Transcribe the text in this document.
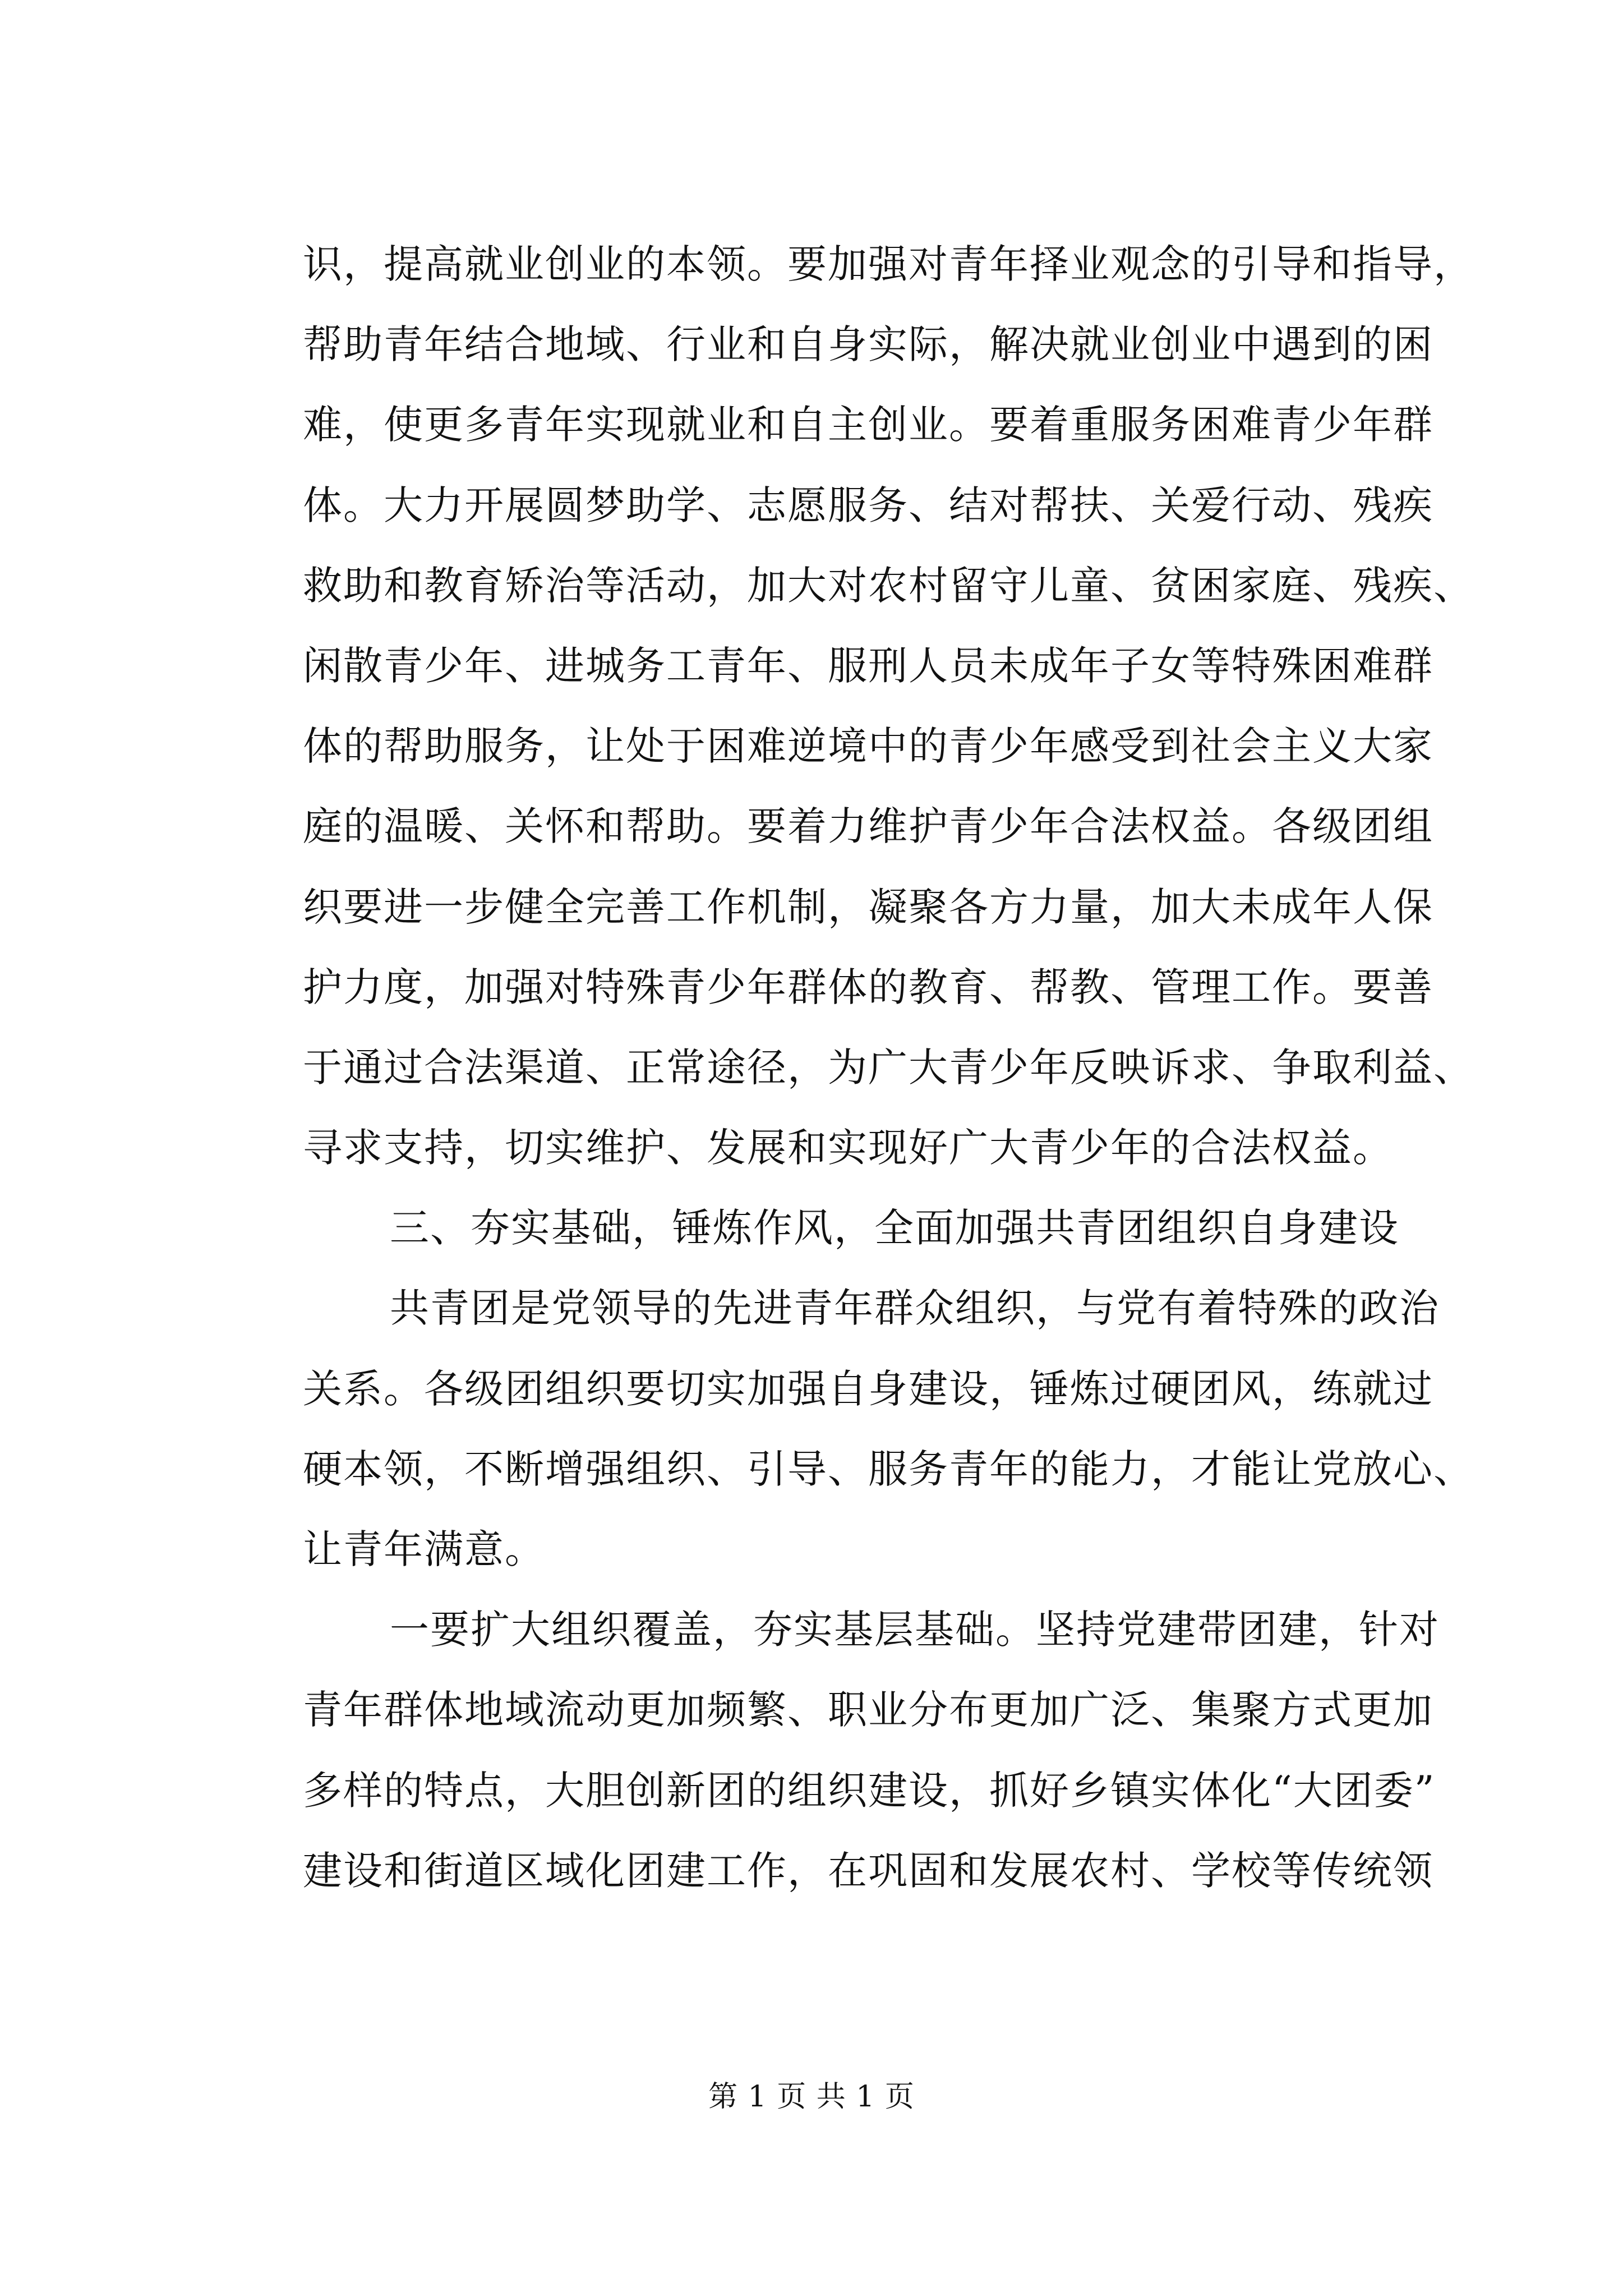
识，提高就业创业的本领。要加强对青年择业观念的引导和指导，
帮助青年结合地域、行业和自身实际，解决就业创业中遇到的困
难，使更多青年实现就业和自主创业。要着重服务困难青少年群
体。大力开展圆梦助学、志愿服务、结对帮扶、关爱行动、残疾
救助和教育矫治等活动，加大对农村留守儿童、贫困家庭、残疾、
闲散青少年、进城务工青年、服刑人员未成年子女等特殊困难群
体的帮助服务，让处于困难逆境中的青少年感受到社会主义大家
庭的温暖、关怀和帮助。要着力维护青少年合法权益。各级团组
织要进一步健全完善工作机制，凝聚各方力量，加大未成年人保
护力度，加强对特殊青少年群体的教育、帮教、管理工作。要善
于通过合法渠道、正常途径，为广大青少年反映诉求、争取利益、
寻求支持，切实维护、发展和实现好广大青少年的合法权益。
三、夯实基础，锤炼作风，全面加强共青团组织自身建设
共青团是党领导的先进青年群众组织，与党有着特殊的政治
关系。各级团组织要切实加强自身建设，锤炼过硬团风，练就过
硬本领，不断增强组织、引导、服务青年的能力，才能让党放心、
让青年满意。
一要扩大组织覆盖，夯实基层基础。坚持党建带团建，针对
青年群体地域流动更加频繁、职业分布更加广泛、集聚方式更加
多样的特点，大胆创新团的组织建设，抓好乡镇实体化“大团委”
建设和街道区域化团建工作，在巩固和发展农村、学校等传统领
第 1 页 共 1 页
